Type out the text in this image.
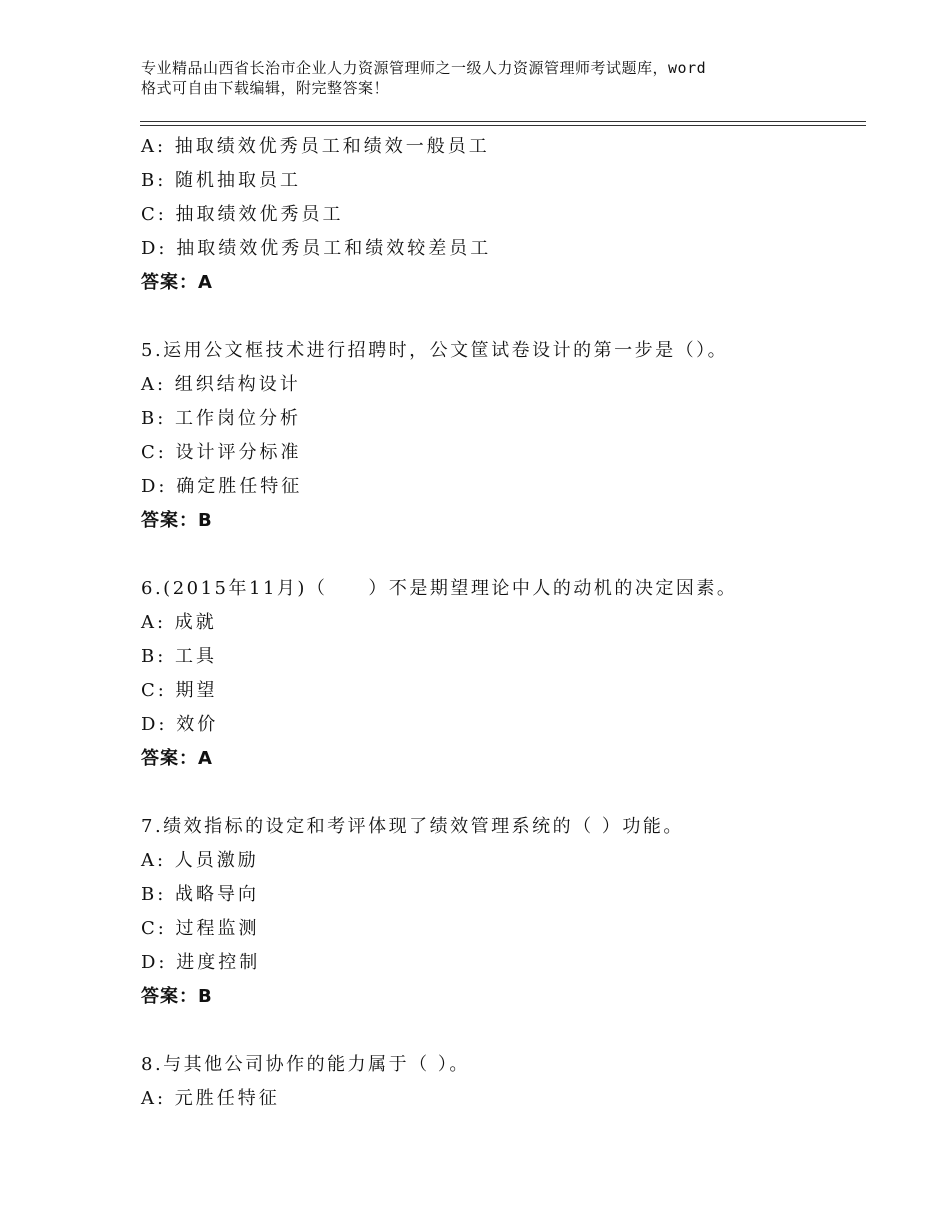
专业精品山西省长治市企业人力资源管理师之一级人力资源管理师考试题库，word
格式可自由下载编辑，附完整答案！
A: 抽取绩效优秀员工和绩效一般员工
B: 随机抽取员工
C: 抽取绩效优秀员工
D: 抽取绩效优秀员工和绩效较差员工
答案：A
5.运用公文框技术进行招聘时，公文筐试卷设计的第一步是（）。
A: 组织结构设计
B: 工作岗位分析
C: 设计评分标准
D: 确定胜任特征
答案：B
6.(2015年11月)（　　）不是期望理论中人的动机的决定因素。
A: 成就
B: 工具
C: 期望
D: 效价
答案：A
7.绩效指标的设定和考评体现了绩效管理系统的（ ）功能。
A: 人员激励
B: 战略导向
C: 过程监测
D: 进度控制
答案：B
8.与其他公司协作的能力属于（ ）。
A: 元胜任特征
